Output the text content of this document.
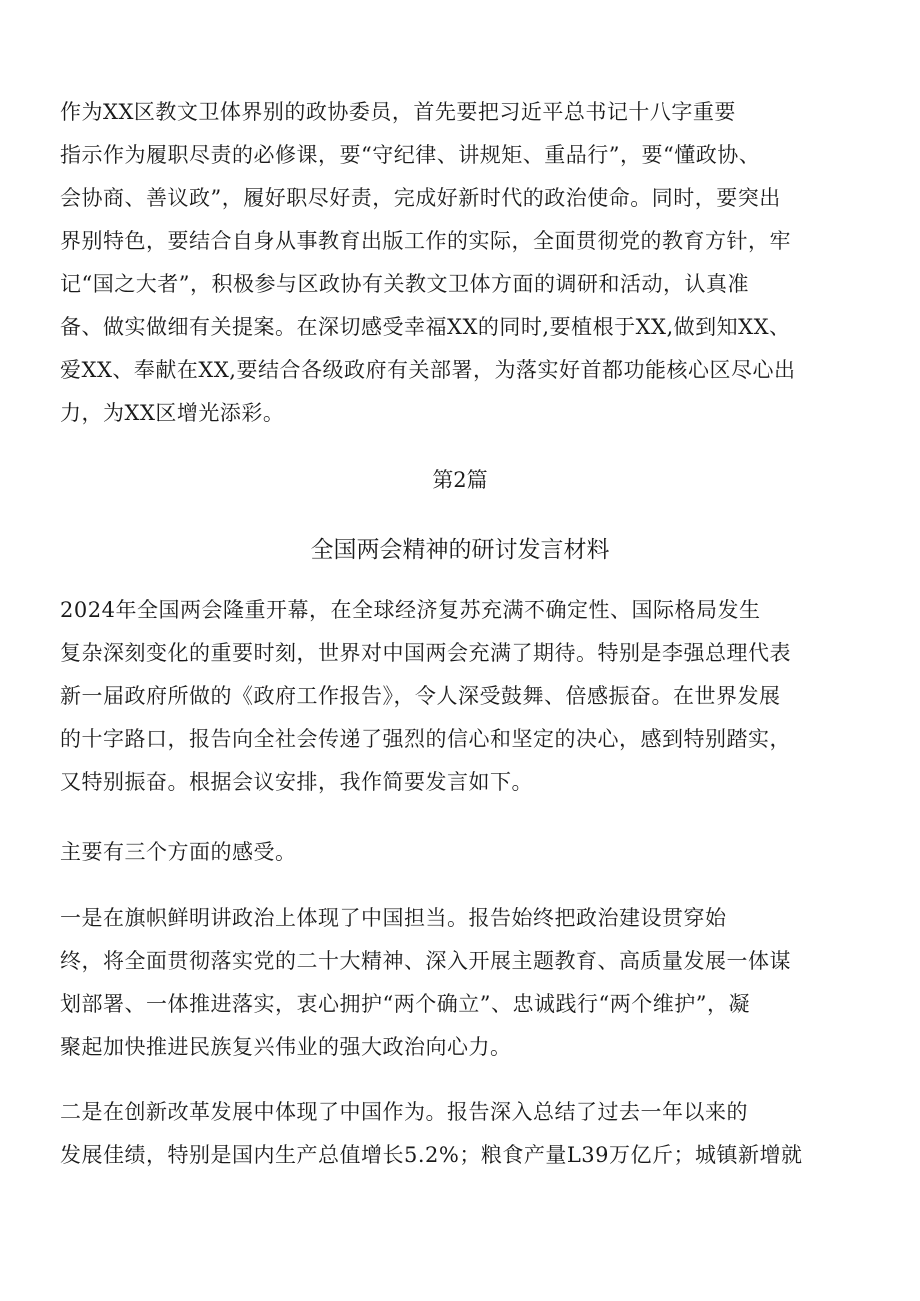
作为XX区教文卫体界别的政协委员，首先要把习近平总书记十八字重要
指示作为履职尽责的必修课，要“守纪律、讲规矩、重品行”，要“懂政协、
会协商、善议政”，履好职尽好责，完成好新时代的政治使命。同时，要突出
界别特色，要结合自身从事教育出版工作的实际，全面贯彻党的教育方针，牢
记“国之大者”，积极参与区政协有关教文卫体方面的调研和活动，认真准
备、做实做细有关提案。在深切感受幸福XX的同时,要植根于XX,做到知XX、
爱XX、奉献在XX,要结合各级政府有关部署，为落实好首都功能核心区尽心出
力，为XX区增光添彩。
第2篇
全国两会精神的研讨发言材料
2024年全国两会隆重开幕，在全球经济复苏充满不确定性、国际格局发生
复杂深刻变化的重要时刻，世界对中国两会充满了期待。特别是李强总理代表
新一届政府所做的《政府工作报告》，令人深受鼓舞、倍感振奋。在世界发展
的十字路口，报告向全社会传递了强烈的信心和坚定的决心，感到特别踏实，
又特别振奋。根据会议安排，我作简要发言如下。
主要有三个方面的感受。
一是在旗帜鲜明讲政治上体现了中国担当。报告始终把政治建设贯穿始
终，将全面贯彻落实党的二十大精神、深入开展主题教育、高质量发展一体谋
划部署、一体推进落实，衷心拥护“两个确立”、忠诚践行“两个维护”，凝
聚起加快推进民族复兴伟业的强大政治向心力。
二是在创新改革发展中体现了中国作为。报告深入总结了过去一年以来的
发展佳绩，特别是国内生产总值增长5.2%；粮食产量L39万亿斤；城镇新增就
